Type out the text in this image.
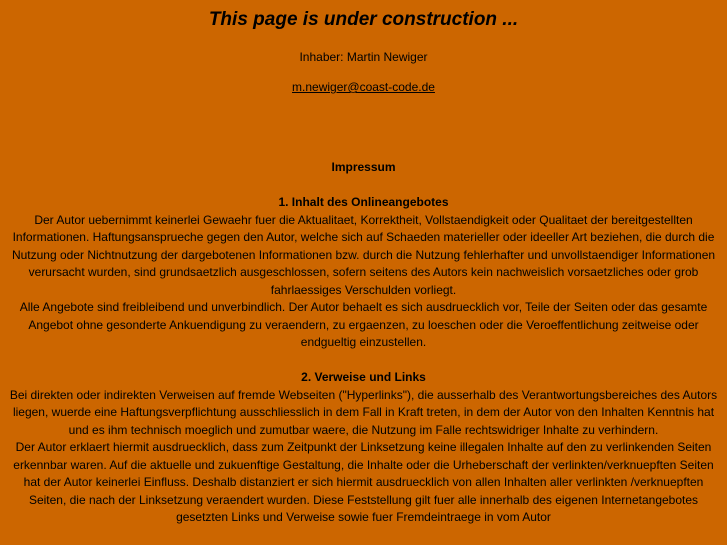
This page is under construction ...

Inhaber: Martin Newiger

m.newiger@coast-code.de

Impressum
1. Inhalt des Onlineangebotes

Der Autor uebernimmt keinerlei Gewaehr fuer die Aktualitaet, Korrektheit, Vollstaendigkeit oder Qualitaet der bereitgestellten Informationen. Haftungsansprueche gegen den Autor, welche sich auf Schaeden materieller oder ideeller Art beziehen, die durch die Nutzung oder Nichtnutzung der dargebotenen Informationen bzw. durch die Nutzung fehlerhafter und unvollstaendiger Informationen verursacht wurden, sind grundsaetzlich ausgeschlossen, sofern seitens des Autors kein nachweislich vorsaetzliches oder grob fahrlaessiges Verschulden vorliegt.

Alle Angebote sind freibleibend und unverbindlich. Der Autor behaelt es sich ausdruecklich vor, Teile der Seiten oder das gesamte Angebot ohne gesonderte Ankuendigung zu veraendern, zu ergaenzen, zu loeschen oder die Veroeffentlichung zeitweise oder endgueltig einzustellen.

2. Verweise und Links

Bei direkten oder indirekten Verweisen auf fremde Webseiten ("Hyperlinks"), die ausserhalb des Verantwortungsbereiches des Autors liegen, wuerde eine Haftungsverpflichtung ausschliesslich in dem Fall in Kraft treten, in dem der Autor von den Inhalten Kenntnis hat und es ihm technisch moeglich und zumutbar waere, die Nutzung im Falle rechtswidriger Inhalte zu verhindern.

Der Autor erklaert hiermit ausdruecklich, dass zum Zeitpunkt der Linksetzung keine illegalen Inhalte auf den zu verlinkenden Seiten erkennbar waren. Auf die aktuelle und zukuenftige Gestaltung, die Inhalte oder die Urheberschaft der verlinkten/verknuepften Seiten hat der Autor keinerlei Einfluss. Deshalb distanziert er sich hiermit ausdruecklich von allen Inhalten aller verlinkten /verknuepften Seiten, die nach der Linksetzung veraendert wurden. Diese Feststellung gilt fuer alle innerhalb des eigenen Internetangebotes gesetzten Links und Verweise sowie fuer Fremdeintraege in vom Autor
